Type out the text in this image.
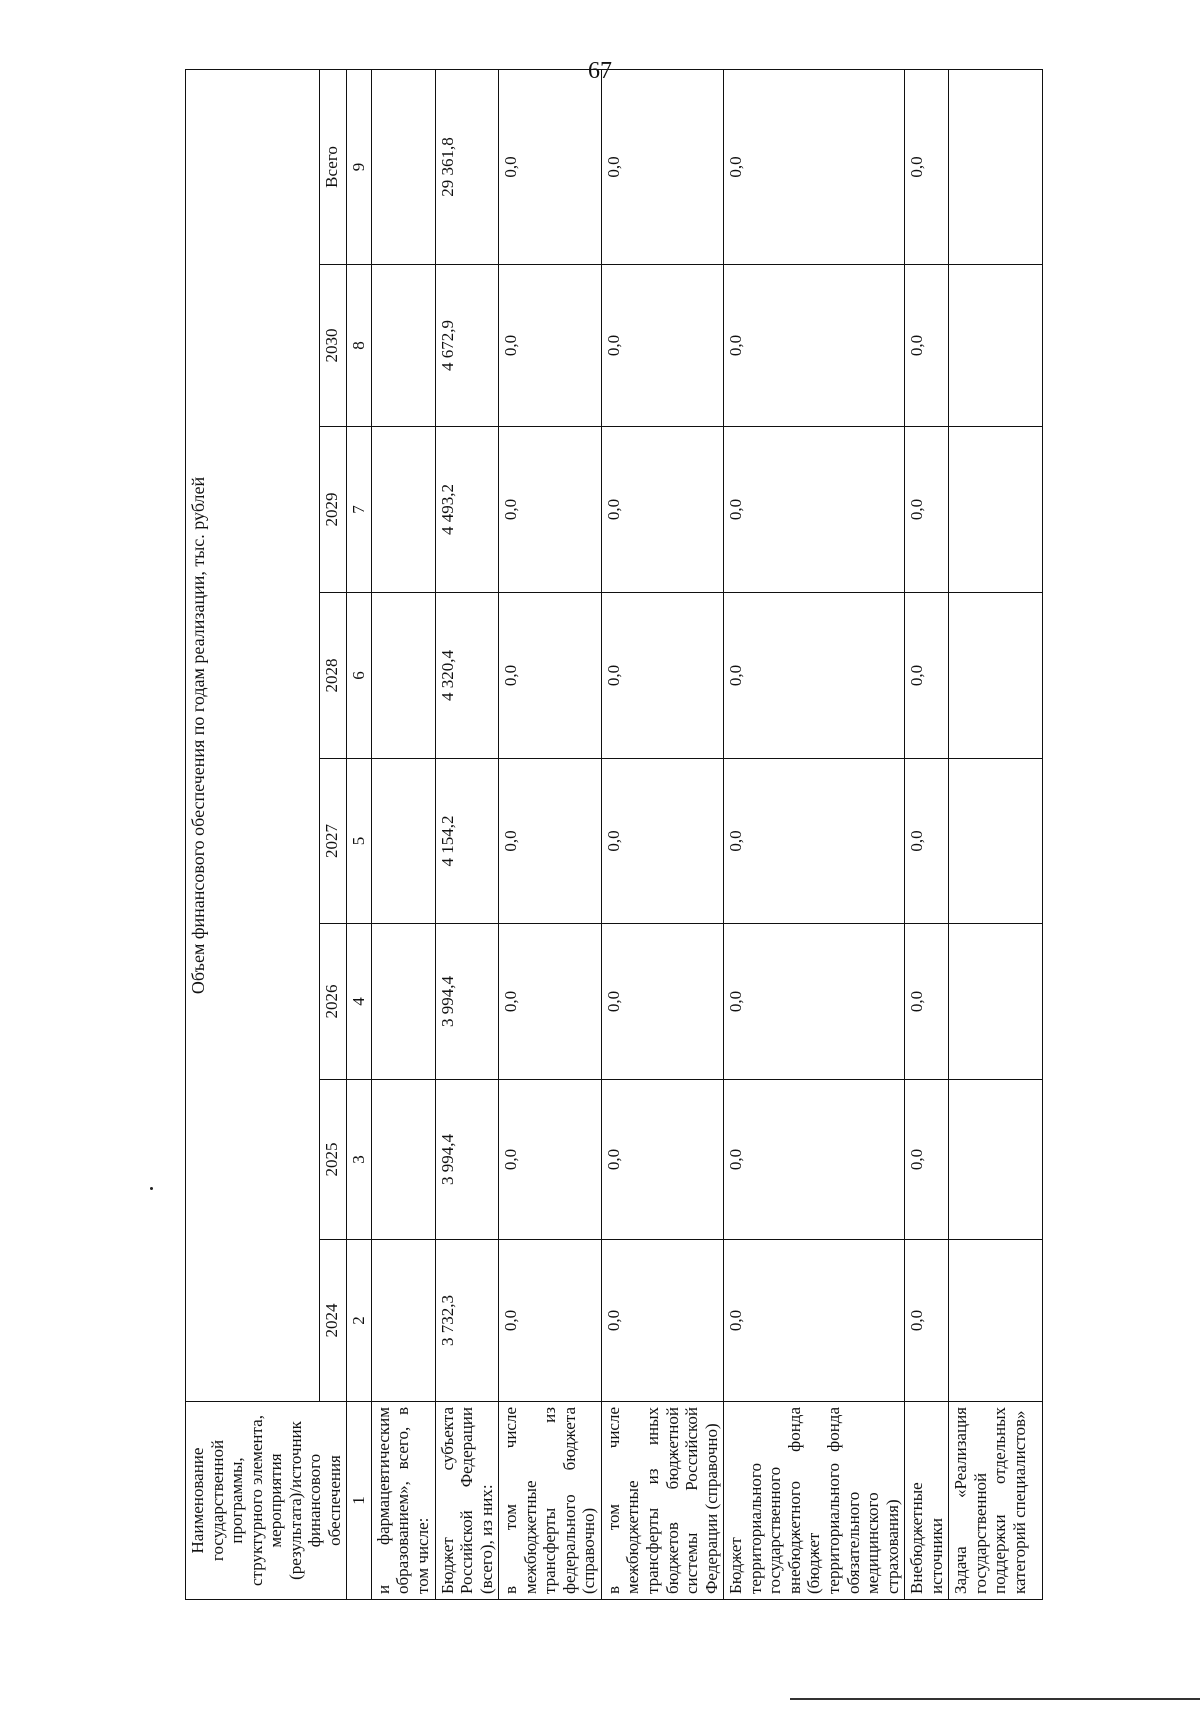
67
Наименование государственной программы, структурного элемента, мероприятия (результата)/источник финансового обеспечения	Объем финансового обеспечения по годам реализации, тыс. рублей							
	2024	2025	2026	2027	2028	2029	2030	Всего
1	2	3	4	5	6	7	8	9
и фармацевтическим образованием», всего, в том числе:								
Бюджет субъекта Российской Федерации (всего), из них:	3 732,3	3 994,4	3 994,4	4 154,2	4 320,4	4 493,2	4 672,9	29 361,8
в том числе межбюджетные трансферты из федерального бюджета (справочно)	0,0	0,0	0,0	0,0	0,0	0,0	0,0	0,0
в том числе межбюджетные трансферты из иных бюджетов бюджетной системы Российской Федерации (справочно)	0,0	0,0	0,0	0,0	0,0	0,0	0,0	0,0
Бюджет территориального государственного внебюджетного фонда (бюджет территориального фонда обязательного медицинского страхования)	0,0	0,0	0,0	0,0	0,0	0,0	0,0	0,0
Внебюджетные источники	0,0	0,0	0,0	0,0	0,0	0,0	0,0	0,0
Задача «Реализация государственной поддержки отдельных категорий специалистов»								
